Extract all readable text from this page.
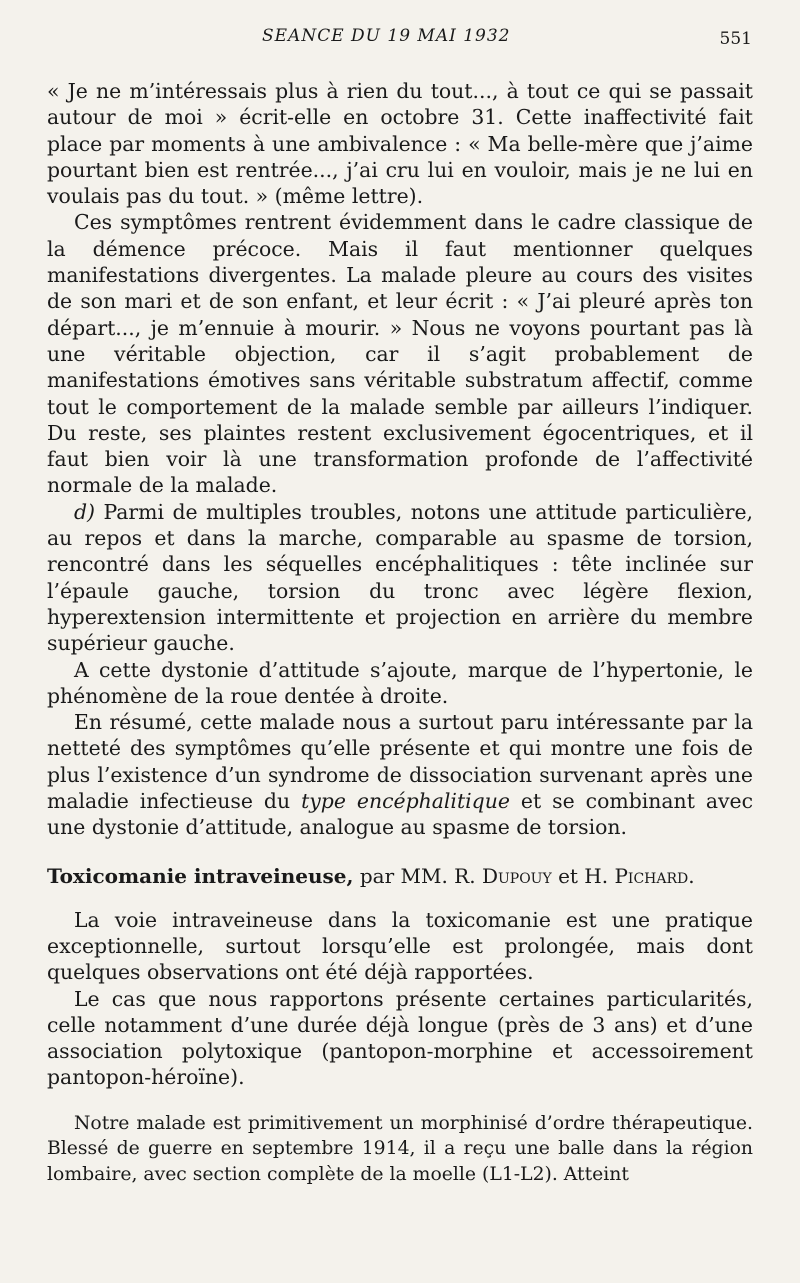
SEANCE DU 19 MAI 1932	551

« Je ne m’intéressais plus à rien du tout..., à tout ce qui se passait autour de moi » écrit-elle en octobre 31. Cette inaffectivité fait place par moments à une ambivalence : « Ma belle-mère que j’aime pourtant bien est rentrée..., j’ai cru lui en vouloir, mais je ne lui en voulais pas du tout. » (même lettre).

Ces symptômes rentrent évidemment dans le cadre classique de la démence précoce. Mais il faut mentionner quelques manifestations divergentes. La malade pleure au cours des visites de son mari et de son enfant, et leur écrit : « J’ai pleuré après ton départ..., je m’ennuie à mourir. » Nous ne voyons pourtant pas là une véritable objection, car il s’agit probablement de manifestations émotives sans véritable substratum affectif, comme tout le comportement de la malade semble par ailleurs l’indiquer. Du reste, ses plaintes restent exclusivement égocentriques, et il faut bien voir là une transformation profonde de l’affectivité normale de la malade.

d) Parmi de multiples troubles, notons une attitude particulière, au repos et dans la marche, comparable au spasme de torsion, rencontré dans les séquelles encéphalitiques : tête inclinée sur l’épaule gauche, torsion du tronc avec légère flexion, hyperextension intermittente et projection en arrière du membre supérieur gauche.

A cette dystonie d’attitude s’ajoute, marque de l’hypertonie, le phénomène de la roue dentée à droite.

En résumé, cette malade nous a surtout paru intéressante par la netteté des symptômes qu’elle présente et qui montre une fois de plus l’existence d’un syndrome de dissociation survenant après une maladie infectieuse du type encéphalitique et se combinant avec une dystonie d’attitude, analogue au spasme de torsion.

Toxicomanie intraveineuse, par MM. R. Dupouy et H. Pichard.

La voie intraveineuse dans la toxicomanie est une pratique exceptionnelle, surtout lorsqu’elle est prolongée, mais dont quelques observations ont été déjà rapportées.

Le cas que nous rapportons présente certaines particularités, celle notamment d’une durée déjà longue (près de 3 ans) et d’une association polytoxique (pantopon-morphine et accessoirement pantopon-héroïne).

Notre malade est primitivement un morphinisé d’ordre thérapeutique. Blessé de guerre en septembre 1914, il a reçu une balle dans la région lombaire, avec section complète de la moelle (L1-L2). Atteint
